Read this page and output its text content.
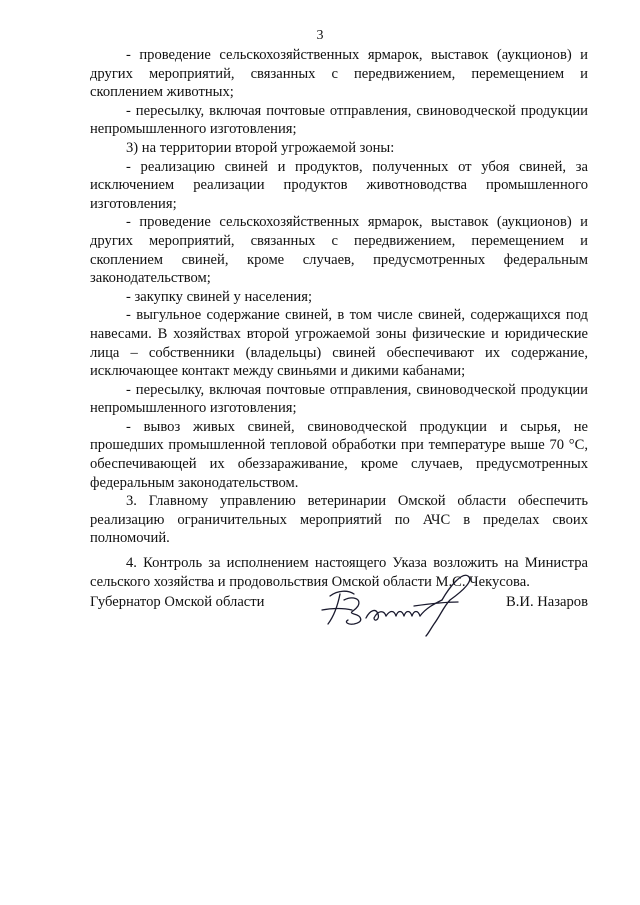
3

- проведение сельскохозяйственных ярмарок, выставок (аукционов) и других мероприятий, связанных с передвижением, перемещением и скоплением животных;

- пересылку, включая почтовые отправления, свиноводческой продукции непромышленного изготовления;

3) на территории второй угрожаемой зоны:

- реализацию свиней и продуктов, полученных от убоя свиней, за исключением реализации продуктов животноводства промышленного изготовления;

- проведение сельскохозяйственных ярмарок, выставок (аукционов) и других мероприятий, связанных с передвижением, перемещением и скоплением свиней, кроме случаев, предусмотренных федеральным законодательством;

- закупку свиней у населения;

- выгульное содержание свиней, в том числе свиней, содержащихся под навесами. В хозяйствах второй угрожаемой зоны физические и юридические лица – собственники (владельцы) свиней обеспечивают их содержание, исключающее контакт между свиньями и дикими кабанами;

- пересылку, включая почтовые отправления, свиноводческой продукции непромышленного изготовления;

- вывоз живых свиней, свиноводческой продукции и сырья, не прошедших промышленной тепловой обработки при температуре выше 70 °С, обеспечивающей их обеззараживание, кроме случаев, предусмотренных федеральным законодательством.

3. Главному управлению ветеринарии Омской области обеспечить реализацию ограничительных мероприятий по АЧС в пределах своих полномочий.

4. Контроль за исполнением настоящего Указа возложить на Министра сельского хозяйства и продовольствия Омской области М.С. Чекусова.

Губернатор Омской области	В.И. Назаров
